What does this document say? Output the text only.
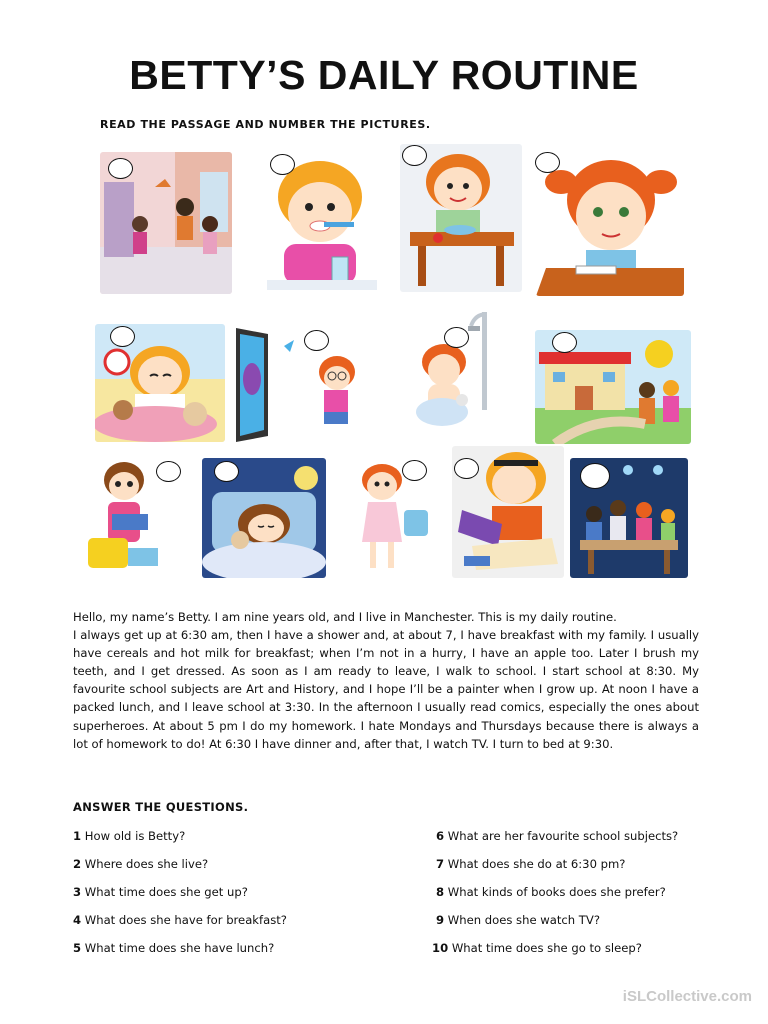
BETTY’S DAILY ROUTINE
READ THE PASSAGE AND NUMBER THE PICTURES.

Hello, my name’s Betty. I am nine years old, and I live in Manchester. This is my daily routine.

I always get up at 6:30 am, then I have a shower and, at about 7, I have breakfast with my family. I usually have cereals and hot milk for breakfast; when I’m not in a hurry, I have an apple too. Later I brush my teeth, and I get dressed. As soon as I am ready to leave, I walk to school. I start school at 8:30. My favourite school subjects are Art and History, and I hope I’ll be a painter when I grow up. At noon I have a packed lunch, and I leave school at 3:30. In the afternoon I usually read comics, especially the ones about superheroes. At about 5 pm I do my homework. I hate Mondays and Thursdays because there is always a lot of homework to do! At 6:30 I have dinner and, after that, I watch TV. I turn to bed at 9:30.

ANSWER THE QUESTIONS.
1 How old is Betty?
2 Where does she live?
3 What time does she get up?
4 What does she have for breakfast?
5 What time does she have lunch?
6 What are her favourite school subjects?
7 What does she do at 6:30 pm?
8 What kinds of books does she prefer?
9 When does she watch TV?
10 What time does she go to sleep?
iSLCollective.com
